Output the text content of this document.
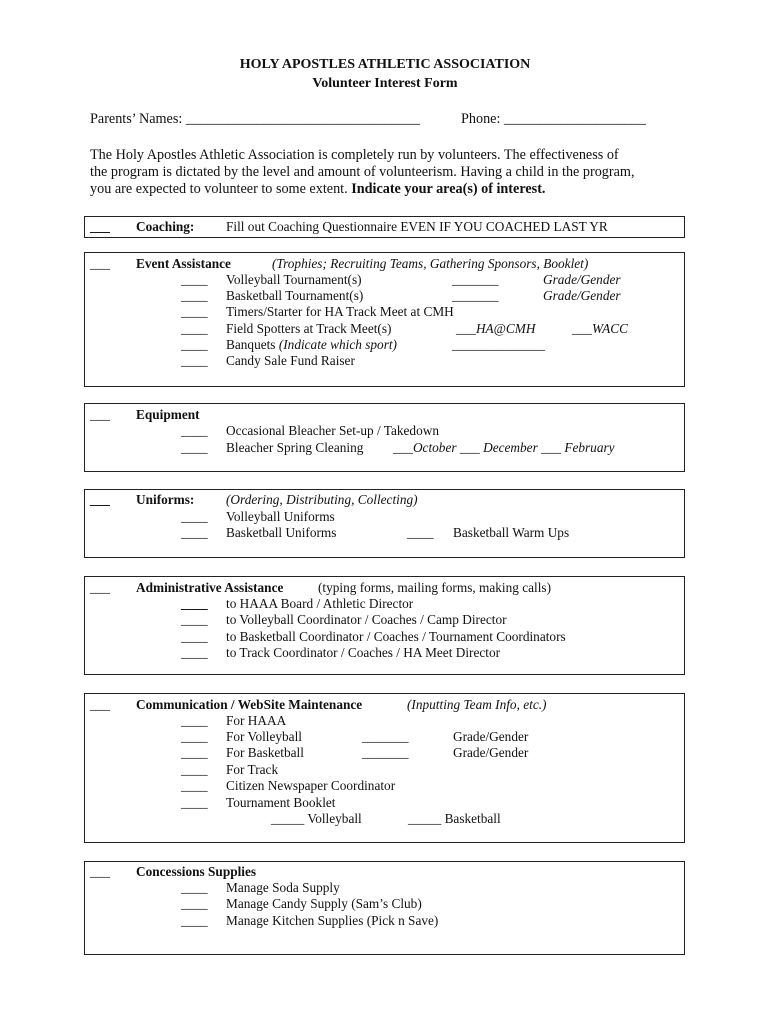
HOLY APOSTLES ATHLETIC ASSOCIATION
Volunteer Interest Form
Parents’ Names: _________________________________	Phone: ____________________
The Holy Apostles Athletic Association is completely run by volunteers. The effectiveness of
the program is dictated by the level and amount of volunteerism. Having a child in the program,
you are expected to volunteer to some extent. Indicate your area(s) of interest.
___ Coaching: Fill out Coaching Questionnaire EVEN IF YOU COACHED LAST YR
___ Event Assistance	(Trophies; Recruiting Teams, Gathering Sponsors, Booklet)
____ Volleyball Tournament(s)	_______	Grade/Gender
____ Basketball Tournament(s)	_______	Grade/Gender
____ Timers/Starter for HA Track Meet at CMH
____ Field Spotters at Track Meet(s)	___HA@CMH	___WACC
____ Banquets (Indicate which sport)	______________
____ Candy Sale Fund Raiser
___ Equipment
____ Occasional Bleacher Set-up / Takedown
____ Bleacher Spring Cleaning ___October ___ December ___ February
___ Uniforms: (Ordering, Distributing, Collecting)
____ Volleyball Uniforms
____ Basketball Uniforms	____ Basketball Warm Ups
___ Administrative Assistance	(typing forms, mailing forms, making calls)
____ to HAAA Board / Athletic Director
____ to Volleyball Coordinator / Coaches / Camp Director
____ to Basketball Coordinator / Coaches / Tournament Coordinators
____ to Track Coordinator / Coaches / HA Meet Director
___ Communication / WebSite Maintenance	(Inputting Team Info, etc.)
____ For HAAA
____ For Volleyball	_______	Grade/Gender
____ For Basketball	_______	Grade/Gender
____ For Track
____ Citizen Newspaper Coordinator
____ Tournament Booklet
_____ Volleyball	_____ Basketball
___ Concessions Supplies
____ Manage Soda Supply
____ Manage Candy Supply (Sam’s Club)
____ Manage Kitchen Supplies (Pick n Save)
